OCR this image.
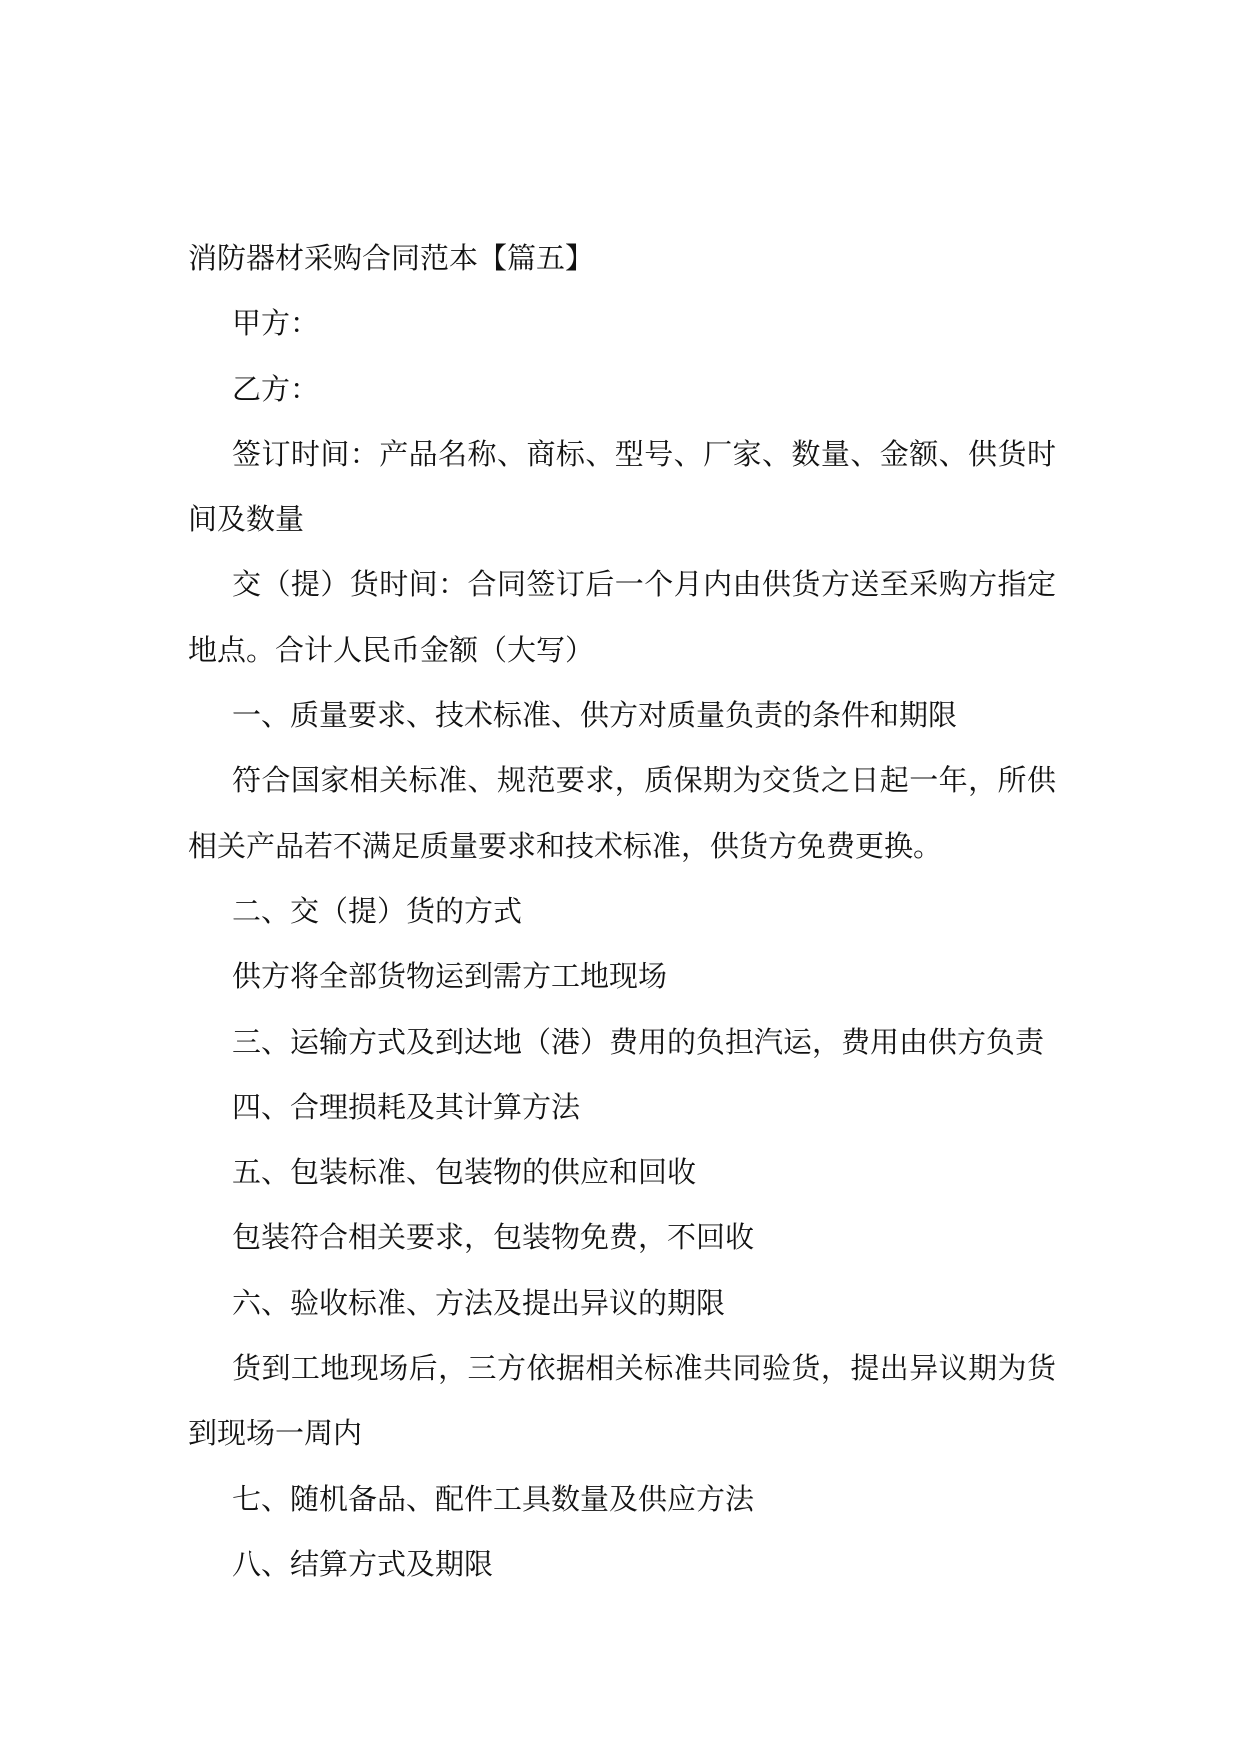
消防器材采购合同范本【篇五】
甲方：
乙方：
签订时间：产品名称、商标、型号、厂家、数量、金额、供货时
间及数量
交（提）货时间：合同签订后一个月内由供货方送至采购方指定
地点。合计人民币金额（大写）
一、质量要求、技术标准、供方对质量负责的条件和期限
符合国家相关标准、规范要求，质保期为交货之日起一年，所供
相关产品若不满足质量要求和技术标准，供货方免费更换。
二、交（提）货的方式
供方将全部货物运到需方工地现场
三、运输方式及到达地（港）费用的负担汽运，费用由供方负责
四、合理损耗及其计算方法
五、包装标准、包装物的供应和回收
包装符合相关要求，包装物免费，不回收
六、验收标准、方法及提出异议的期限
货到工地现场后，三方依据相关标准共同验货，提出异议期为货
到现场一周内
七、随机备品、配件工具数量及供应方法
八、结算方式及期限
